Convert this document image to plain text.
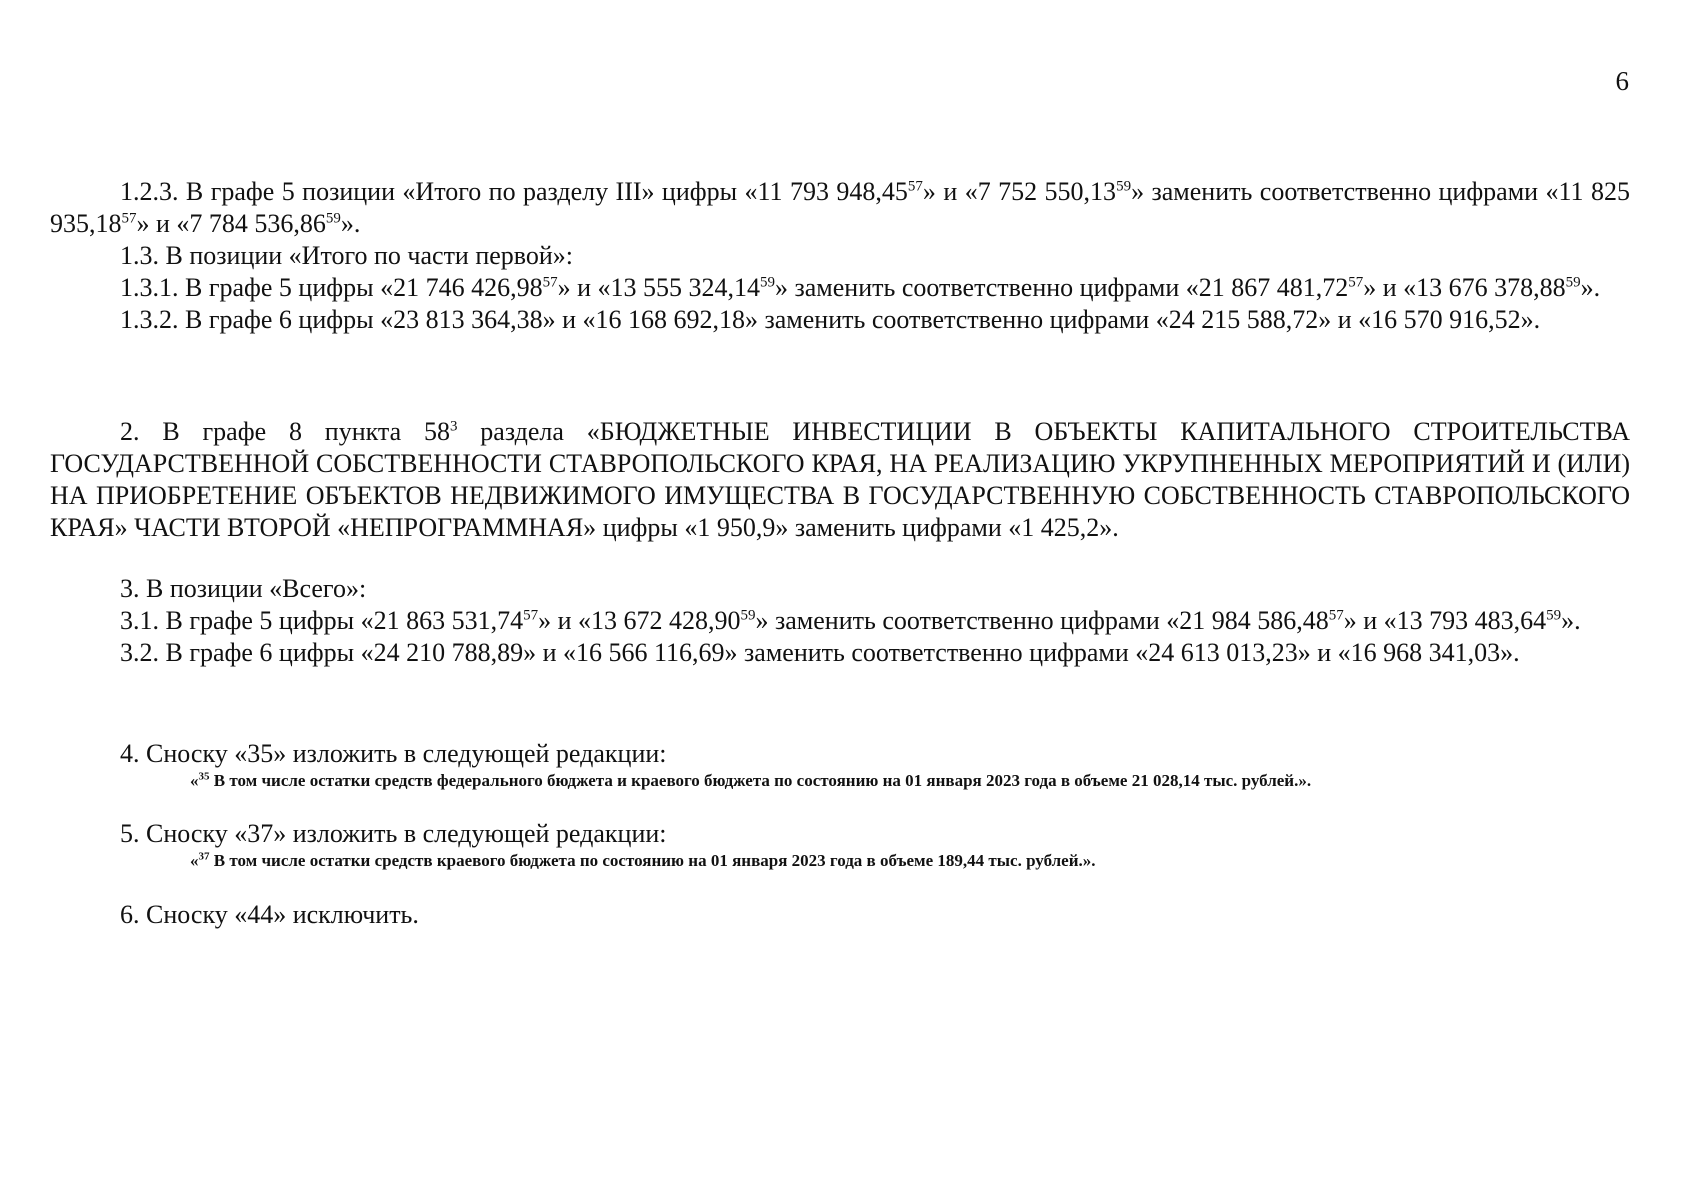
6

1.2.3. В графе 5 позиции «Итого по разделу III» цифры «11 793 948,45$^{57}$» и «7 752 550,13$^{59}$» заменить соответственно цифрами «11 825 935,18$^{57}$» и «7 784 536,86$^{59}$».

1.3. В позиции «Итого по части первой»:

1.3.1. В графе 5 цифры «21 746 426,98$^{57}$» и «13 555 324,14$^{59}$» заменить соответственно цифрами «21 867 481,72$^{57}$» и «13 676 378,88$^{59}$».

1.3.2. В графе 6 цифры «23 813 364,38» и «16 168 692,18» заменить соответственно цифрами «24 215 588,72» и «16 570 916,52».

2. В графе 8 пункта $58^3$ раздела «БЮДЖЕТНЫЕ ИНВЕСТИЦИИ В ОБЪЕКТЫ КАПИТАЛЬНОГО СТРОИТЕЛЬСТВА ГОСУДАРСТВЕННОЙ СОБСТВЕННОСТИ СТАВРОПОЛЬСКОГО КРАЯ, НА РЕАЛИЗАЦИЮ УКРУПНЕННЫХ МЕРОПРИЯТИЙ И (ИЛИ) НА ПРИОБРЕТЕНИЕ ОБЪЕКТОВ НЕДВИЖИМОГО ИМУЩЕСТВА В ГОСУДАРСТВЕННУЮ СОБСТВЕННОСТЬ СТАВРОПОЛЬСКОГО КРАЯ» ЧАСТИ ВТОРОЙ «НЕПРОГРАММНАЯ» цифры «1 950,9» заменить цифрами «1 425,2».

3. В позиции «Всего»:

3.1. В графе 5 цифры «21 863 531,74$^{57}$» и «13 672 428,90$^{59}$» заменить соответственно цифрами «21 984 586,48$^{57}$» и «13 793 483,64$^{59}$».

3.2. В графе 6 цифры «24 210 788,89» и «16 566 116,69» заменить соответственно цифрами «24 613 013,23» и «16 968 341,03».

4. Сноску «35» изложить в следующей редакции:

«$^{35}$ В том числе остатки средств федерального бюджета и краевого бюджета по состоянию на 01 января 2023 года в объеме 21 028,14 тыс. рублей.».

5. Сноску «37» изложить в следующей редакции:

«$^{37}$ В том числе остатки средств краевого бюджета по состоянию на 01 января 2023 года в объеме 189,44 тыс. рублей.».

6. Сноску «44» исключить.
